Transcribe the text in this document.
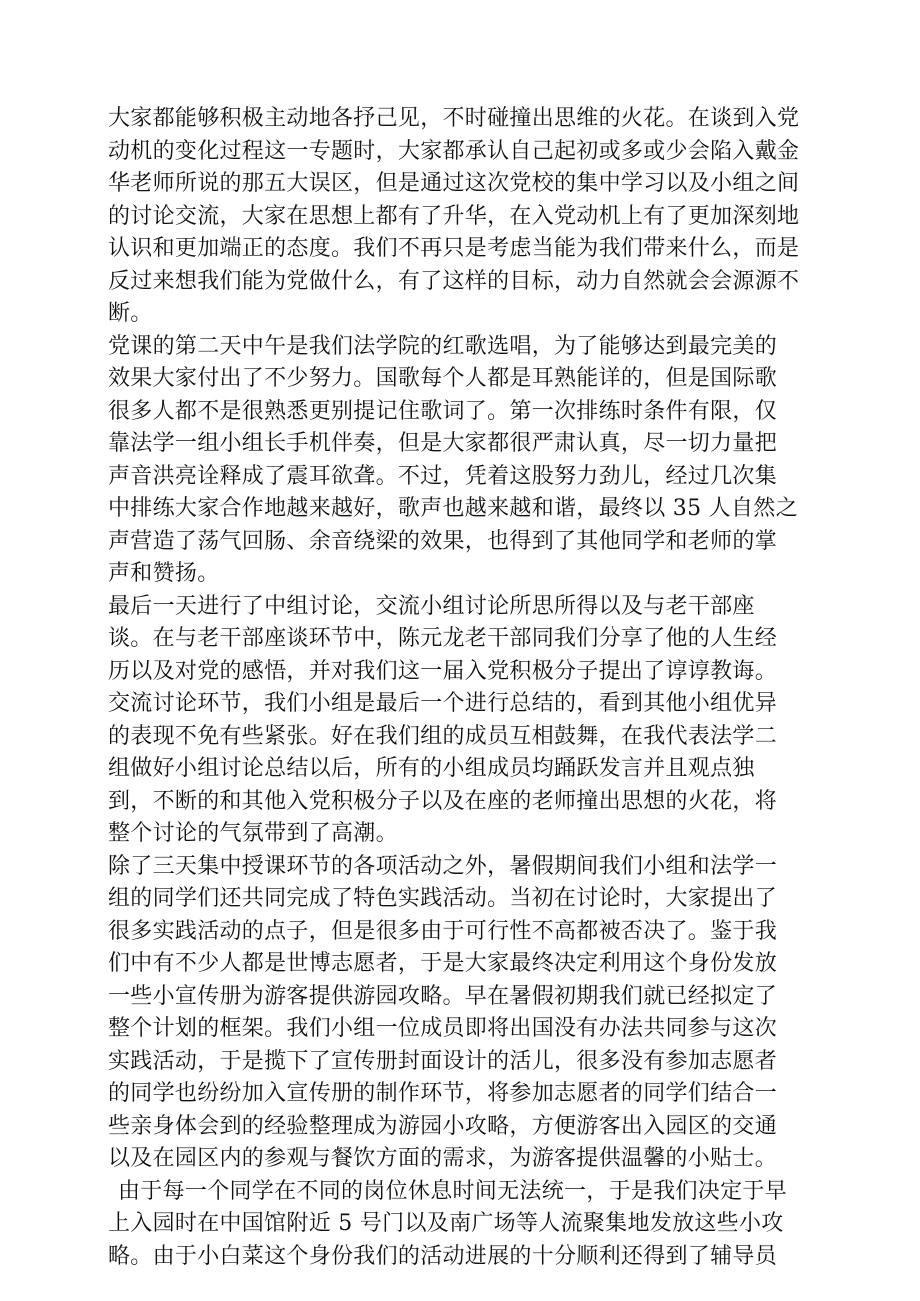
大家都能够积极主动地各抒己见，不时碰撞出思维的火花。在谈到入党
动机的变化过程这一专题时，大家都承认自己起初或多或少会陷入戴金
华老师所说的那五大误区，但是通过这次党校的集中学习以及小组之间
的讨论交流，大家在思想上都有了升华，在入党动机上有了更加深刻地
认识和更加端正的态度。我们不再只是考虑当能为我们带来什么，而是
反过来想我们能为党做什么，有了这样的目标，动力自然就会会源源不
断。

党课的第二天中午是我们法学院的红歌选唱，为了能够达到最完美的
效果大家付出了不少努力。国歌每个人都是耳熟能详的，但是国际歌
很多人都不是很熟悉更别提记住歌词了。第一次排练时条件有限，仅
靠法学一组小组长手机伴奏，但是大家都很严肃认真，尽一切力量把
声音洪亮诠释成了震耳欲聋。不过，凭着这股努力劲儿，经过几次集
中排练大家合作地越来越好，歌声也越来越和谐，最终以 35 人自然之
声营造了荡气回肠、余音绕梁的效果，也得到了其他同学和老师的掌
声和赞扬。

最后一天进行了中组讨论，交流小组讨论所思所得以及与老干部座
谈。在与老干部座谈环节中，陈元龙老干部同我们分享了他的人生经
历以及对党的感悟，并对我们这一届入党积极分子提出了谆谆教诲。
交流讨论环节，我们小组是最后一个进行总结的，看到其他小组优异
的表现不免有些紧张。好在我们组的成员互相鼓舞，在我代表法学二
组做好小组讨论总结以后，所有的小组成员均踊跃发言并且观点独
到，不断的和其他入党积极分子以及在座的老师撞出思想的火花，将
整个讨论的气氛带到了高潮。

除了三天集中授课环节的各项活动之外，暑假期间我们小组和法学一
组的同学们还共同完成了特色实践活动。当初在讨论时，大家提出了
很多实践活动的点子，但是很多由于可行性不高都被否决了。鉴于我
们中有不少人都是世博志愿者，于是大家最终决定利用这个身份发放
一些小宣传册为游客提供游园攻略。早在暑假初期我们就已经拟定了
整个计划的框架。我们小组一位成员即将出国没有办法共同参与这次
实践活动，于是揽下了宣传册封面设计的活儿，很多没有参加志愿者
的同学也纷纷加入宣传册的制作环节，将参加志愿者的同学们结合一
些亲身体会到的经验整理成为游园小攻略，方便游客出入园区的交通
以及在园区内的参观与餐饮方面的需求，为游客提供温馨的小贴士。

由于每一个同学在不同的岗位休息时间无法统一，于是我们决定于早
上入园时在中国馆附近 5 号门以及南广场等人流聚集地发放这些小攻
略。由于小白菜这个身份我们的活动进展的十分顺利还得到了辅导员
